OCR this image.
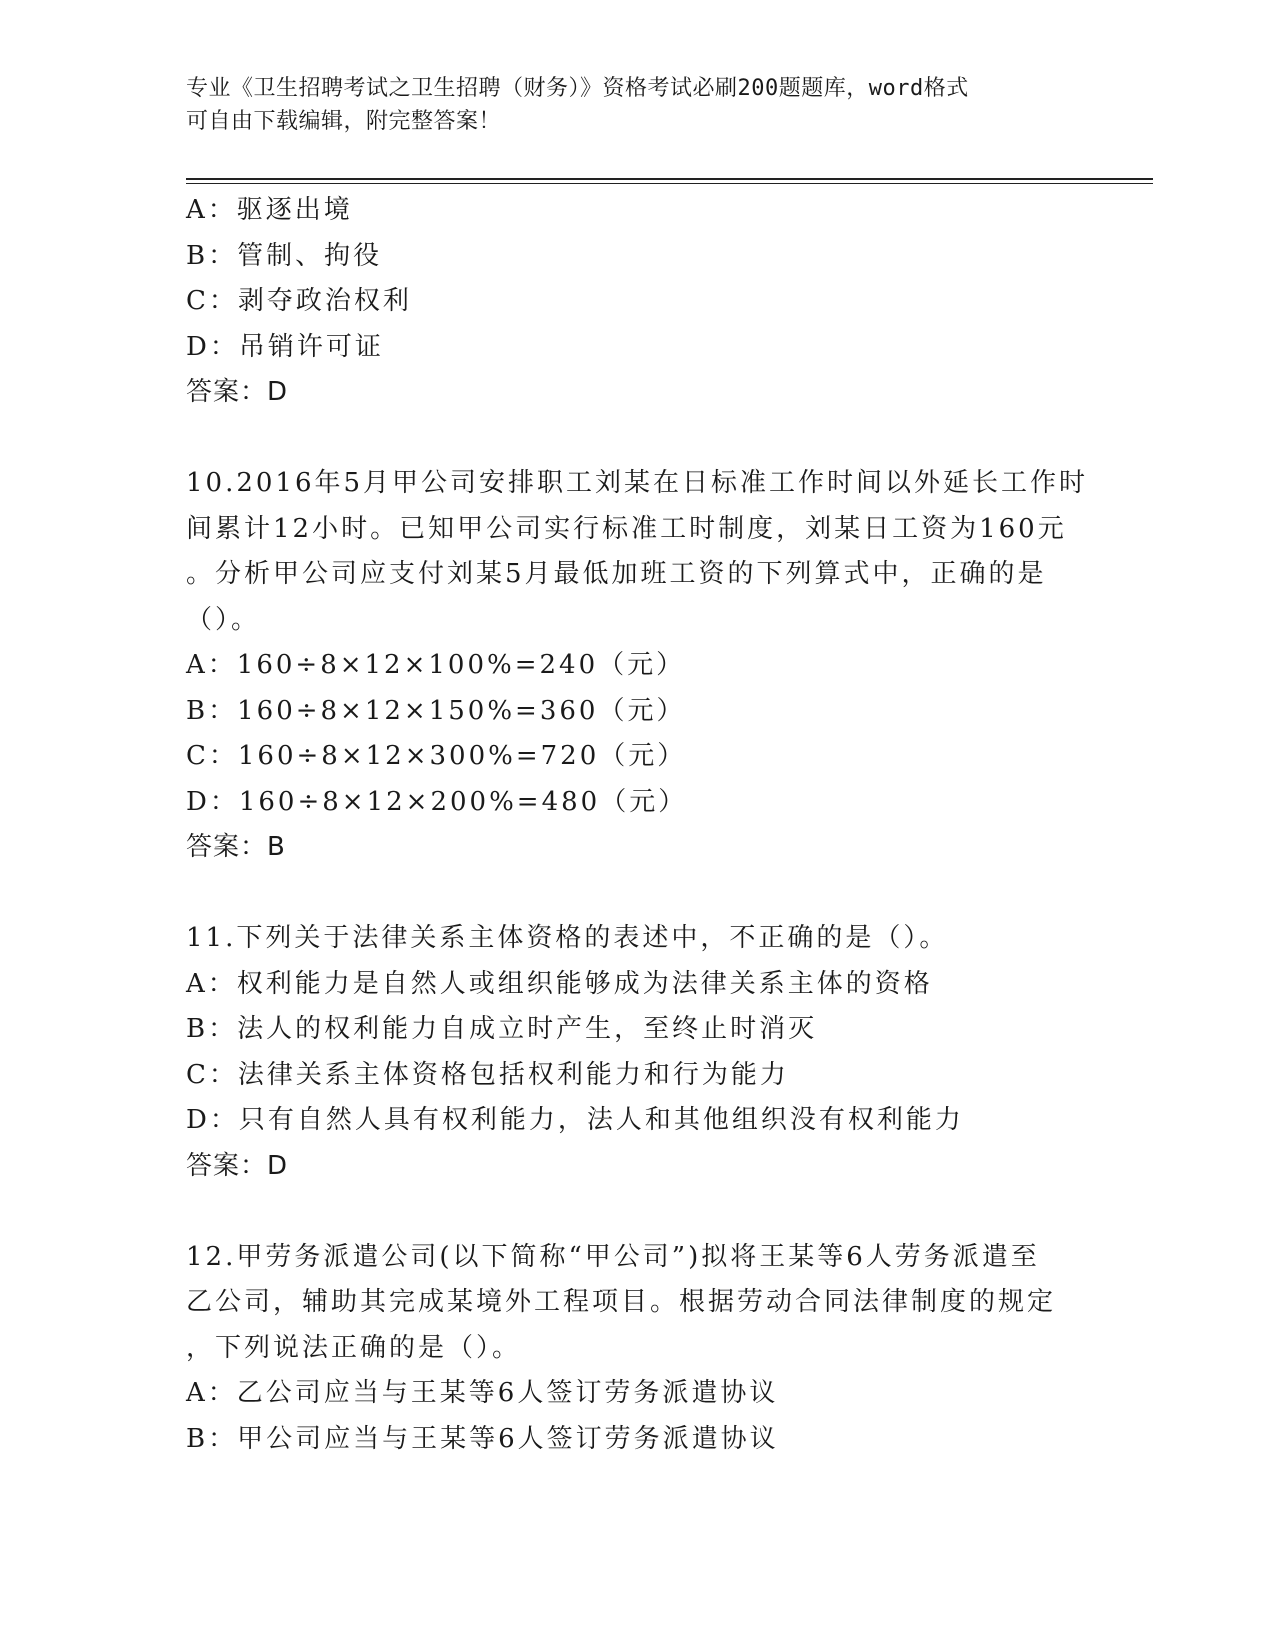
专业《卫生招聘考试之卫生招聘（财务）》资格考试必刷200题题库，word格式
可自由下载编辑，附完整答案！
A：驱逐出境
B：管制、拘役
C：剥夺政治权利
D：吊销许可证
答案：D
10.2016年5月甲公司安排职工刘某在日标准工作时间以外延长工作时
间累计12小时。已知甲公司实行标准工时制度，刘某日工资为160元
。分析甲公司应支付刘某5月最低加班工资的下列算式中，正确的是
（）。
A：160÷8×12×100%=240（元）
B：160÷8×12×150%=360（元）
C：160÷8×12×300%=720（元）
D：160÷8×12×200%=480（元）
答案：B
11.下列关于法律关系主体资格的表述中，不正确的是（）。
A：权利能力是自然人或组织能够成为法律关系主体的资格
B：法人的权利能力自成立时产生，至终止时消灭
C：法律关系主体资格包括权利能力和行为能力
D：只有自然人具有权利能力，法人和其他组织没有权利能力
答案：D
12.甲劳务派遣公司(以下简称“甲公司”)拟将王某等6人劳务派遣至
乙公司，辅助其完成某境外工程项目。根据劳动合同法律制度的规定
，下列说法正确的是（）。
A：乙公司应当与王某等6人签订劳务派遣协议
B：甲公司应当与王某等6人签订劳务派遣协议
